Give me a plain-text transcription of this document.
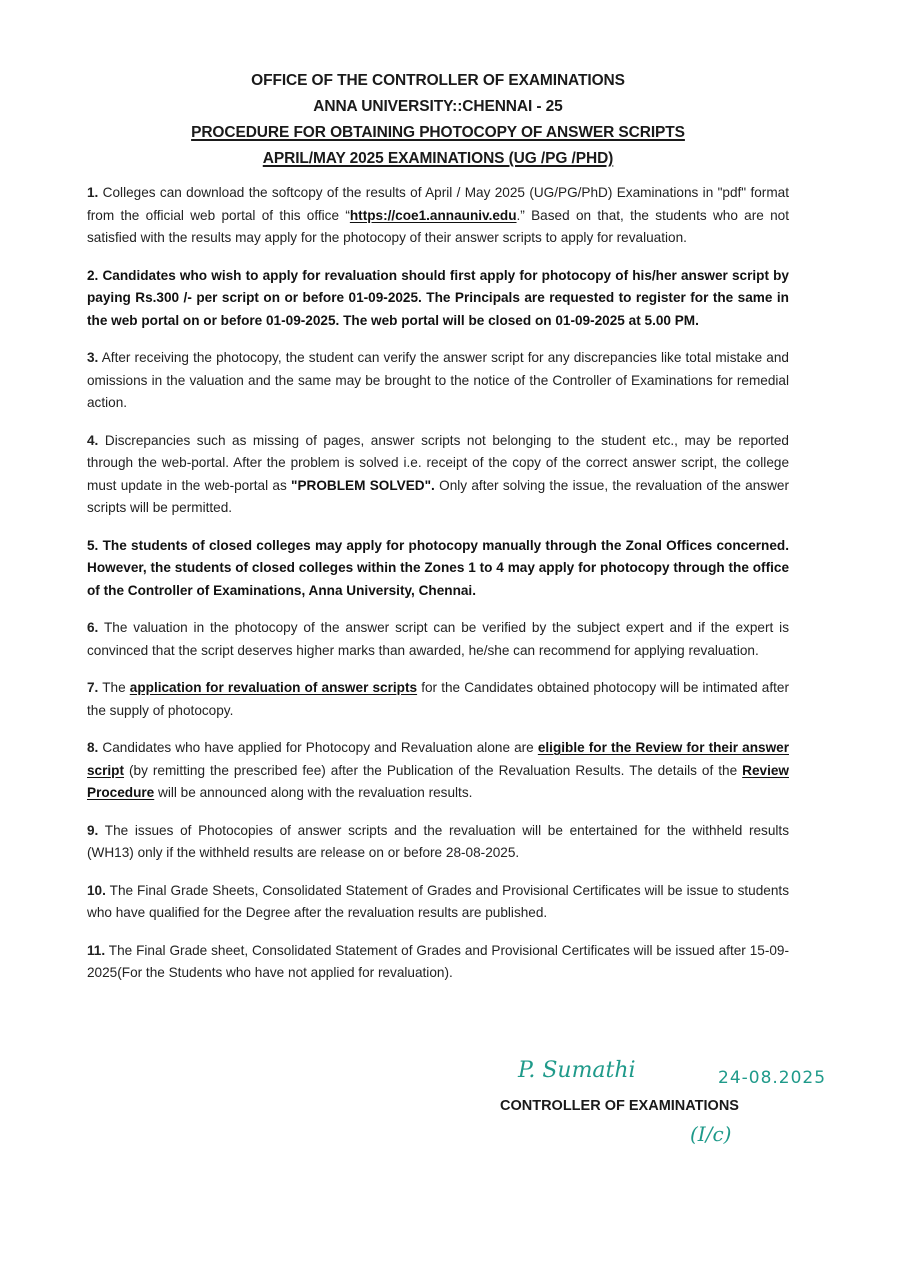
OFFICE OF THE CONTROLLER OF EXAMINATIONS
ANNA UNIVERSITY::CHENNAI - 25
PROCEDURE FOR OBTAINING PHOTOCOPY OF ANSWER SCRIPTS
APRIL/MAY 2025 EXAMINATIONS (UG /PG /PHD)

1. Colleges can download the softcopy of the results of April / May 2025 (UG/PG/PhD) Examinations in "pdf" format from the official web portal of this office “https://coe1.annauniv.edu.” Based on that, the students who are not satisfied with the results may apply for the photocopy of their answer scripts to apply for revaluation.

2. Candidates who wish to apply for revaluation should first apply for photocopy of his/her answer script by paying Rs.300 /- per script on or before 01-09-2025. The Principals are requested to register for the same in the web portal on or before 01-09-2025. The web portal will be closed on 01-09-2025 at 5.00 PM.

3. After receiving the photocopy, the student can verify the answer script for any discrepancies like total mistake and omissions in the valuation and the same may be brought to the notice of the Controller of Examinations for remedial action.

4. Discrepancies such as missing of pages, answer scripts not belonging to the student etc., may be reported through the web-portal. After the problem is solved i.e. receipt of the copy of the correct answer script, the college must update in the web-portal as "PROBLEM SOLVED". Only after solving the issue, the revaluation of the answer scripts will be permitted.

5. The students of closed colleges may apply for photocopy manually through the Zonal Offices concerned. However, the students of closed colleges within the Zones 1 to 4 may apply for photocopy through the office of the Controller of Examinations, Anna University, Chennai.

6. The valuation in the photocopy of the answer script can be verified by the subject expert and if the expert is convinced that the script deserves higher marks than awarded, he/she can recommend for applying revaluation.

7. The application for revaluation of answer scripts for the Candidates obtained photocopy will be intimated after the supply of photocopy.

8. Candidates who have applied for Photocopy and Revaluation alone are eligible for the Review for their answer script (by remitting the prescribed fee) after the Publication of the Revaluation Results. The details of the Review Procedure will be announced along with the revaluation results.

9. The issues of Photocopies of answer scripts and the revaluation will be entertained for the withheld results (WH13) only if the withheld results are release on or before 28-08-2025.

10. The Final Grade Sheets, Consolidated Statement of Grades and Provisional Certificates will be issue to students who have qualified for the Degree after the revaluation results are published.

11. The Final Grade sheet, Consolidated Statement of Grades and Provisional Certificates will be issued after 15-09-2025(For the Students who have not applied for revaluation).

P. Sumathi	24-08.2025
CONTROLLER OF EXAMINATIONS
(I/c)
